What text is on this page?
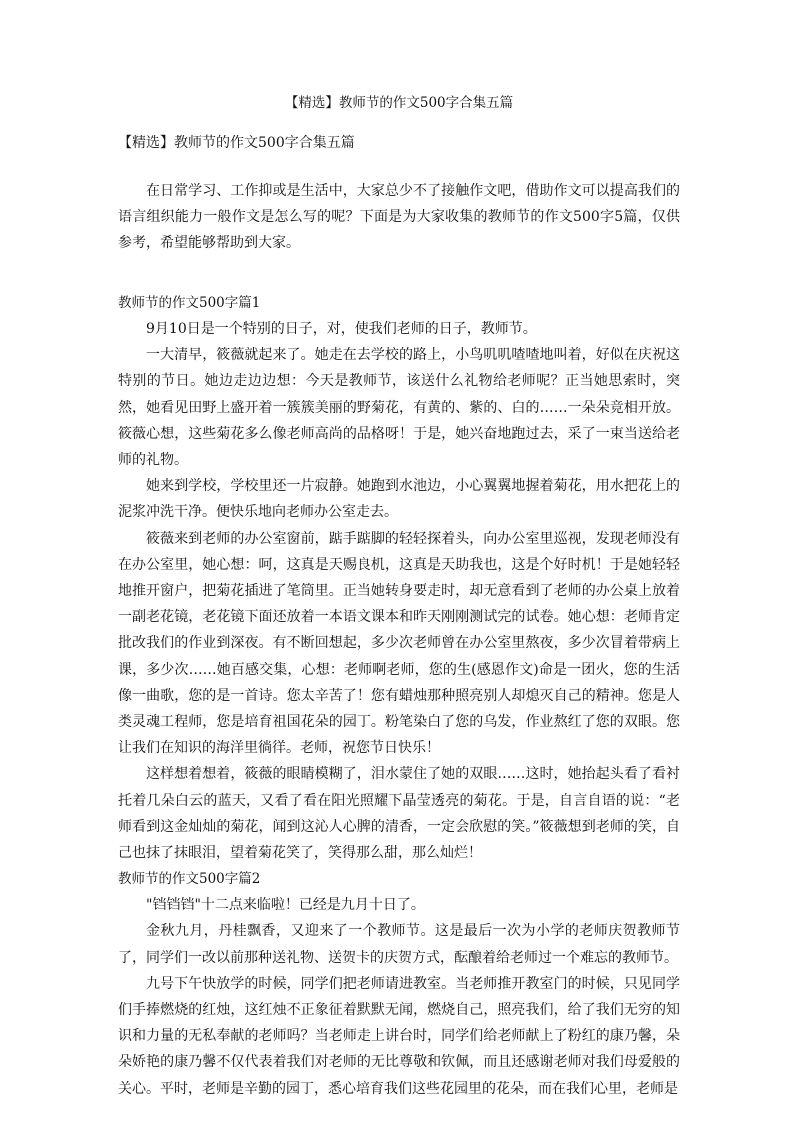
【精选】教师节的作文500字合集五篇
【精选】教师节的作文500字合集五篇

在日常学习、工作抑或是生活中，大家总少不了接触作文吧，借助作文可以提高我们的语言组织能力一般作文是怎么写的呢？下面是为大家收集的教师节的作文500字5篇，仅供参考，希望能够帮助到大家。

教师节的作文500字篇1

9月10日是一个特别的日子，对，使我们老师的日子，教师节。

一大清早，筱薇就起来了。她走在去学校的路上，小鸟叽叽喳喳地叫着，好似在庆祝这特别的节日。她边走边边想：今天是教师节，该送什么礼物给老师呢？正当她思索时，突然，她看见田野上盛开着一簇簇美丽的野菊花，有黄的、紫的、白的……一朵朵竞相开放。筱薇心想，这些菊花多么像老师高尚的品格呀！于是，她兴奋地跑过去，采了一束当送给老师的礼物。

她来到学校，学校里还一片寂静。她跑到水池边，小心翼翼地握着菊花，用水把花上的泥浆冲洗干净。便快乐地向老师办公室走去。

筱薇来到老师的办公室窗前，踮手踮脚的轻轻探着头，向办公室里巡视，发现老师没有在办公室里，她心想：呵，这真是天赐良机，这真是天助我也，这是个好时机！于是她轻轻地推开窗户，把菊花插进了笔筒里。正当她转身要走时，却无意看到了老师的办公桌上放着一副老花镜，老花镜下面还放着一本语文课本和昨天刚刚测试完的试卷。她心想：老师肯定批改我们的作业到深夜。有不断回想起，多少次老师曾在办公室里熬夜，多少次冒着带病上课，多少次……她百感交集，心想：老师啊老师，您的生(感恩作文)命是一团火，您的生活像一曲歌，您的是一首诗。您太辛苦了！您有蜡烛那种照亮别人却熄灭自己的精神。您是人类灵魂工程师，您是培育祖国花朵的园丁。粉笔染白了您的乌发，作业熬红了您的双眼。您让我们在知识的海洋里徜徉。老师，祝您节日快乐！

这样想着想着，筱薇的眼睛模糊了，泪水蒙住了她的双眼……这时，她抬起头看了看衬托着几朵白云的蓝天，又看了看在阳光照耀下晶莹透亮的菊花。于是，自言自语的说：“老师看到这金灿灿的菊花，闻到这沁人心脾的清香，一定会欣慰的笑。”筱薇想到老师的笑，自己也抹了抹眼泪，望着菊花笑了，笑得那么甜，那么灿烂！

教师节的作文500字篇2

"铛铛铛"十二点来临啦！已经是九月十日了。

金秋九月，丹桂飘香，又迎来了一个教师节。这是最后一次为小学的老师庆贺教师节了，同学们一改以前那种送礼物、送贺卡的庆贺方式，酝酿着给老师过一个难忘的教师节。

九号下午快放学的时候，同学们把老师请进教室。当老师推开教室门的时候，只见同学们手捧燃烧的红烛，这红烛不正象征着默默无闻，燃烧自己，照亮我们，给了我们无穷的知识和力量的无私奉献的老师吗？当老师走上讲台时，同学们给老师献上了粉红的康乃馨，朵朵娇艳的康乃馨不仅代表着我们对老师的无比尊敬和钦佩，而且还感谢老师对我们母爱般的关心。平时，老师是辛勤的园丁，悉心培育我们这些花园里的花朵，而在我们心里，老师是
